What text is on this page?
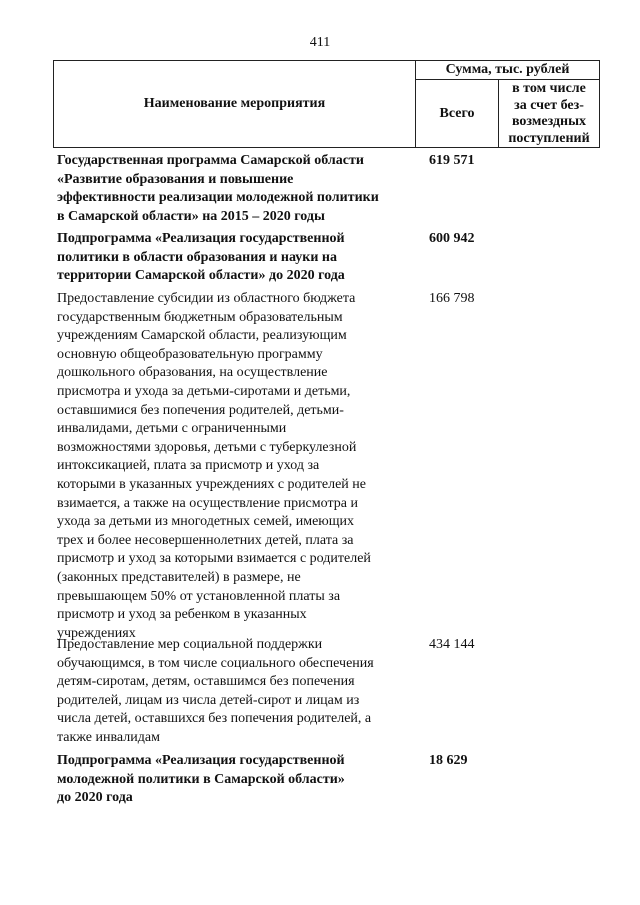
411
Наименование мероприятия
Сумма, тыс. рублей
Всего
в том числе
за счет без-
возмездных
поступлений
Государственная программа Самарской области
«Развитие образования и повышение
эффективности реализации молодежной политики
в Самарской области» на 2015 – 2020 годы
619 571
Подпрограмма «Реализация государственной
политики в области образования и науки на
территории Самарской области» до 2020 года
600 942
Предоставление субсидии из областного бюджета
государственным бюджетным образовательным
учреждениям Самарской области, реализующим
основную общеобразовательную программу
дошкольного образования, на осуществление
присмотра и ухода за детьми-сиротами и детьми,
оставшимися без попечения родителей, детьми-
инвалидами, детьми с ограниченными
возможностями здоровья, детьми с туберкулезной
интоксикацией, плата за присмотр и уход за
которыми в указанных учреждениях с родителей не
взимается, а также на осуществление присмотра и
ухода за детьми из многодетных семей, имеющих
трех и более несовершеннолетних детей, плата за
присмотр и уход за которыми взимается с родителей
(законных представителей) в размере, не
превышающем 50% от установленной платы за
присмотр и уход за ребенком в указанных
учреждениях
166 798
Предоставление мер социальной поддержки
обучающимся, в том числе социального обеспечения
детям-сиротам, детям, оставшимся без попечения
родителей, лицам из числа детей-сирот и лицам из
числа детей, оставшихся без попечения родителей, а
также инвалидам
434 144
Подпрограмма «Реализация государственной
молодежной политики в Самарской области»
до 2020 года
18 629
